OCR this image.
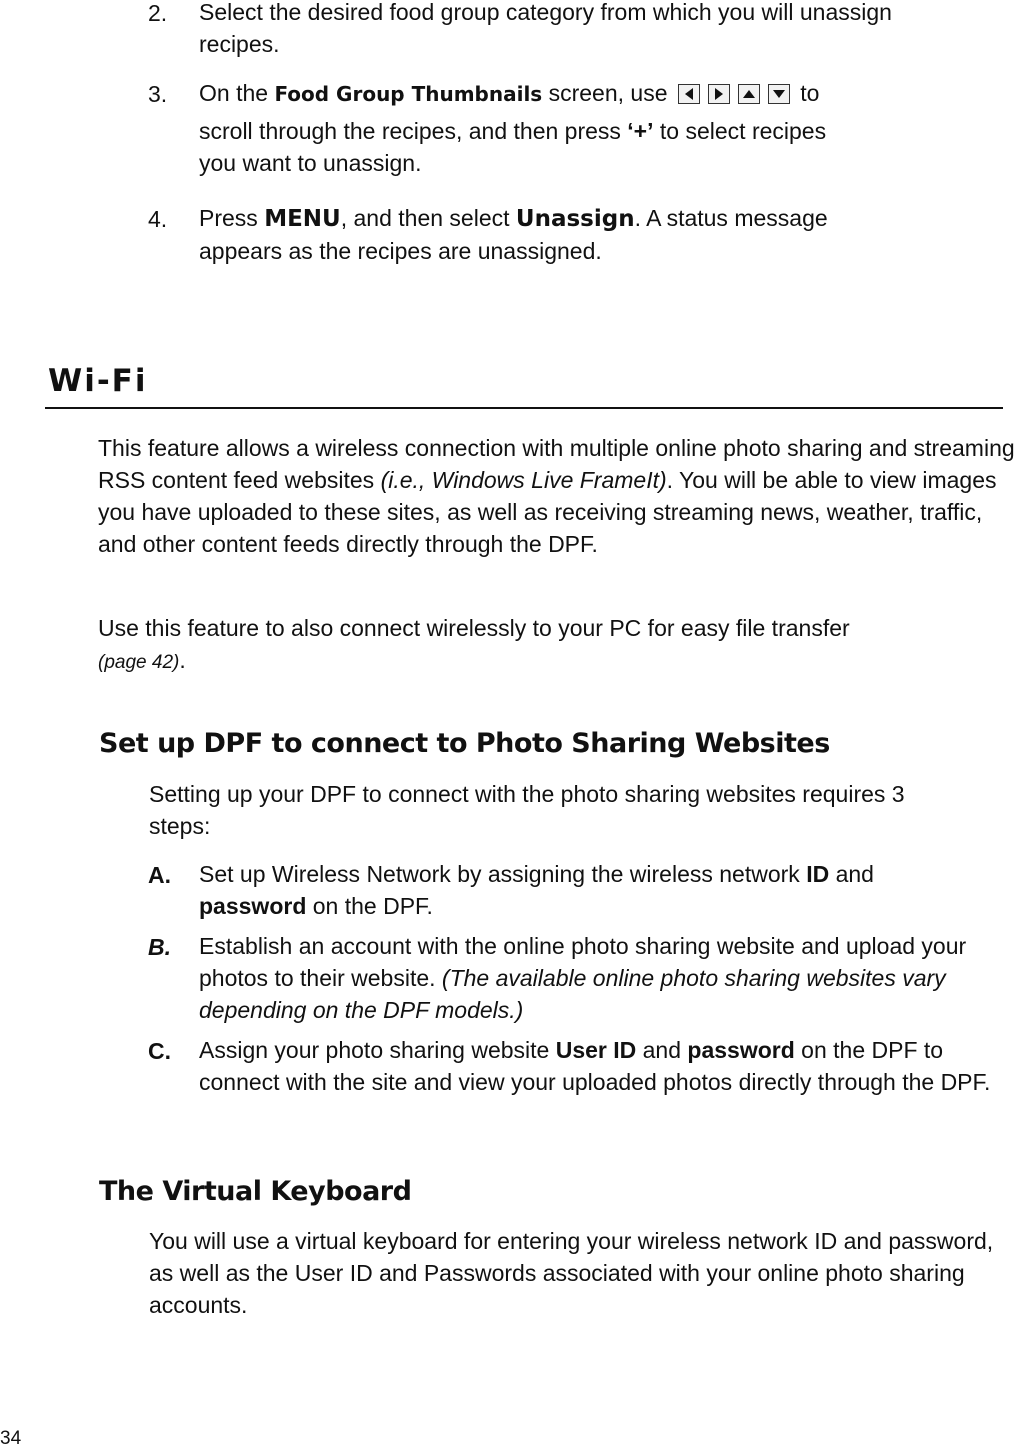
2. Select the desired food group category from which you will unassign recipes.
3. On the Food Group Thumbnails screen, use	to
scroll through the recipes, and then press ‘+’ to select recipes
you want to unassign.
4. Press MENU, and then select Unassign. A status message
appears as the recipes are unassigned.
Wi-Fi
This feature allows a wireless connection with multiple online photo sharing and streaming RSS content feed websites (i.e., Windows Live FrameIt). You will be able to view images you have uploaded to these sites, as well as receiving streaming news, weather, traffic, and other content feeds directly through the DPF.
Use this feature to also connect wirelessly to your PC for easy file transfer
(page 42).
Set up DPF to connect to Photo Sharing Websites
Setting up your DPF to connect with the photo sharing websites requires 3 steps:
A. Set up Wireless Network by assigning the wireless network ID and password on the DPF.
B. Establish an account with the online photo sharing website and upload your photos to their website. (The available online photo sharing websites vary depending on the DPF models.)
C. Assign your photo sharing website User ID and password on the DPF to connect with the site and view your uploaded photos directly through the DPF.
The Virtual Keyboard
You will use a virtual keyboard for entering your wireless network ID and password, as well as the User ID and Passwords associated with your online photo sharing accounts.
34
